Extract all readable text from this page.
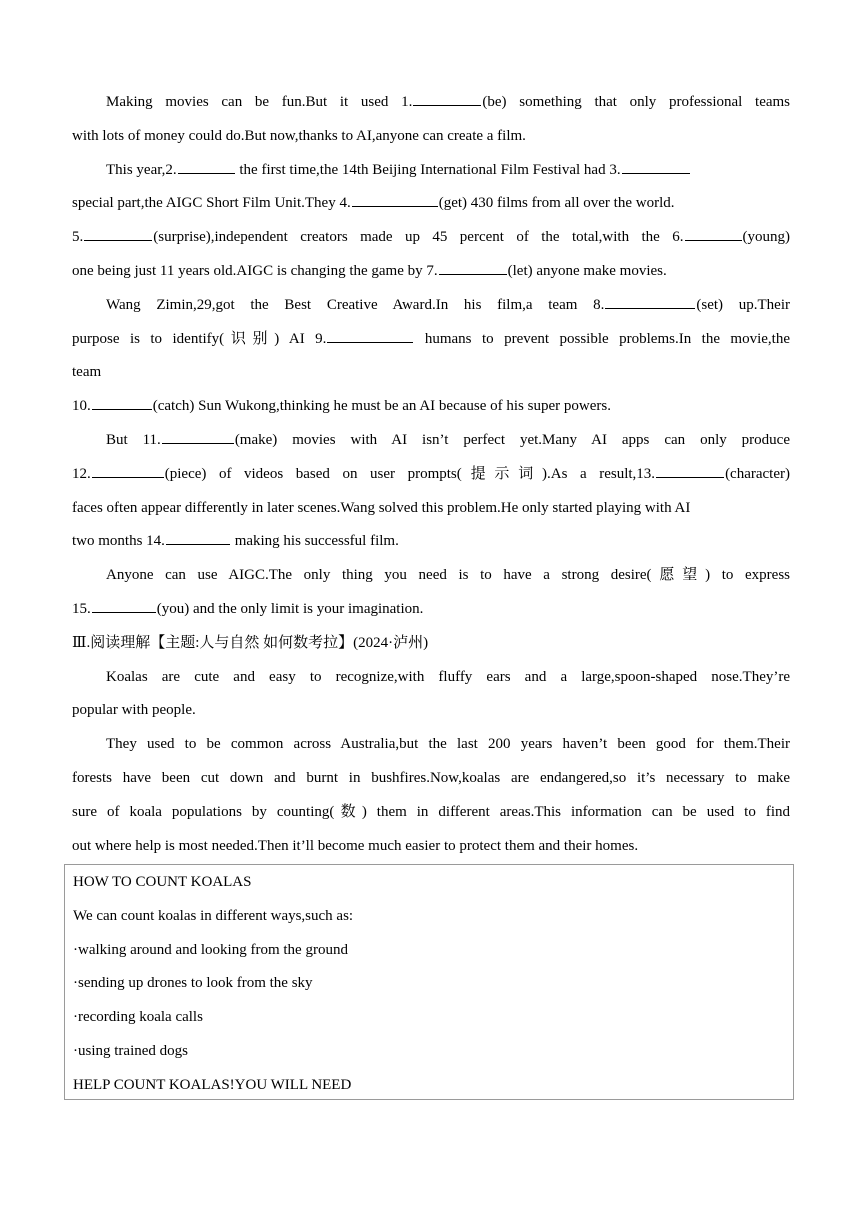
Making movies can be fun.But it used 1.	(be) something that only professional teams
with lots of money could do.But now,thanks to AI,anyone can create a film.
This year,2.	the first time,the 14th Beijing International Film Festival had 3.
special part,the AIGC Short Film Unit.They 4.	(get) 430 films from all over the world.
5.	(surprise),independent creators made up 45 percent of the total,with the 6.	(young)
one being just 11 years old.AIGC is changing the game by 7.	(let) anyone make movies.
Wang Zimin,29,got the Best Creative Award.In his film,a team 8.	(set) up.Their
purpose is to identify(识别) AI 9.	humans to prevent possible problems.In the movie,the
team
10.	(catch) Sun Wukong,thinking he must be an AI because of his super powers.
But 11.	(make) movies with AI isn’t perfect yet.Many AI apps can only produce
12.	(piece) of videos based on user prompts(提示词).As a result,13.	(character)
faces often appear differently in later scenes.Wang solved this problem.He only started playing with AI
two months 14.	making his successful film.
Anyone can use AIGC.The only thing you need is to have a strong desire(愿望) to express
15.	(you) and the only limit is your imagination.
Ⅲ.阅读理解【主题:人与自然 如何数考拉】(2024·泸州)
Koalas are cute and easy to recognize,with fluffy ears and a large,spoon-shaped nose.They’re
popular with people.
They used to be common across Australia,but the last 200 years haven’t been good for them.Their
forests have been cut down and burnt in bushfires.Now,koalas are endangered,so it’s necessary to make
sure of koala populations by counting(数) them in different areas.This information can be used to find
out where help is most needed.Then it’ll become much easier to protect them and their homes.
HOW TO COUNT KOALAS
We can count koalas in different ways,such as:
·walking around and looking from the ground
·sending up drones to look from the sky
·recording koala calls
·using trained dogs
HELP COUNT KOALAS!YOU WILL NEED
